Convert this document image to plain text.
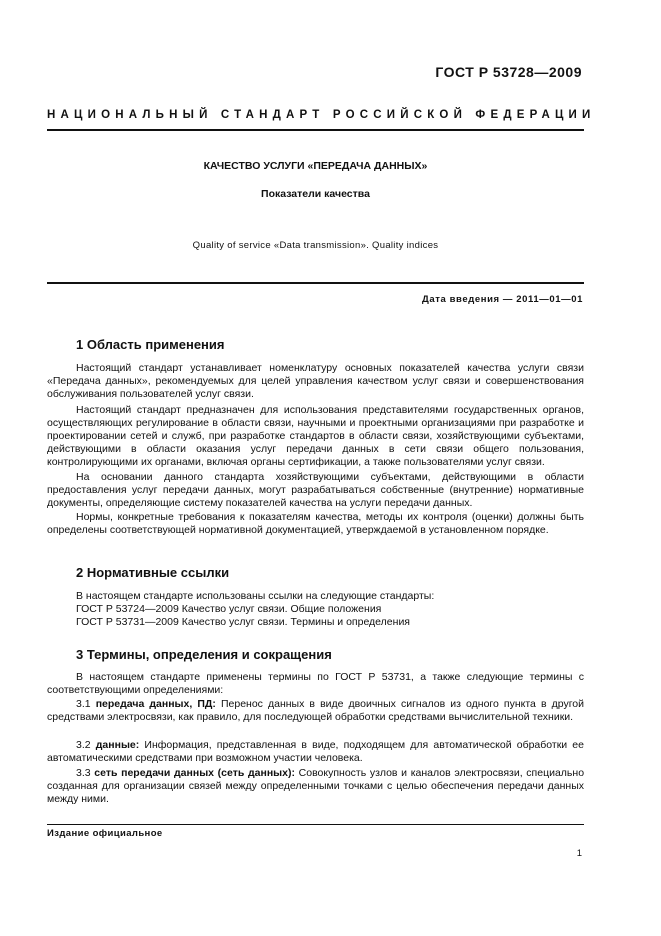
ГОСТ Р 53728—2009
НАЦИОНАЛЬНЫЙ СТАНДАРТ РОССИЙСКОЙ ФЕДЕРАЦИИ
КАЧЕСТВО УСЛУГИ «ПЕРЕДАЧА ДАННЫХ»
Показатели качества
Quality of service «Data transmission». Quality indices
Дата введения — 2011—01—01
1 Область применения

Настоящий стандарт устанавливает номенклатуру основных показателей качества услуги связи «Передача данных», рекомендуемых для целей управления качеством услуг связи и совершенствования обслуживания пользователей услуг связи.

Настоящий стандарт предназначен для использования представителями государственных органов, осуществляющих регулирование в области связи, научными и проектными организациями при разработке и проектировании сетей и служб, при разработке стандартов в области связи, хозяйствующими субъектами, действующими в области оказания услуг передачи данных в сети связи общего пользования, контролирующими их органами, включая органы сертификации, а также пользователями услуг связи.

На основании данного стандарта хозяйствующими субъектами, действующими в области предоставления услуг передачи данных, могут разрабатываться собственные (внутренние) нормативные документы, определяющие систему показателей качества на услуги передачи данных.

Нормы, конкретные требования к показателям качества, методы их контроля (оценки) должны быть определены соответствующей нормативной документацией, утверждаемой в установленном порядке.

2 Нормативные ссылки
В настоящем стандарте использованы ссылки на следующие стандарты:
ГОСТ Р 53724—2009 Качество услуг связи. Общие положения
ГОСТ Р 53731—2009 Качество услуг связи. Термины и определения
3 Термины, определения и сокращения

В настоящем стандарте применены термины по ГОСТ Р 53731, а также следующие термины с соответствующими определениями:

3.1 передача данных, ПД: Перенос данных в виде двоичных сигналов из одного пункта в другой средствами электросвязи, как правило, для последующей обработки средствами вычислительной техники.

3.2 данные: Информация, представленная в виде, подходящем для автоматической обработки ее автоматическими средствами при возможном участии человека.

3.3 сеть передачи данных (сеть данных): Совокупность узлов и каналов электросвязи, специально созданная для организации связей между определенными точками с целью обеспечения передачи данных между ними.

Издание официальное
1
